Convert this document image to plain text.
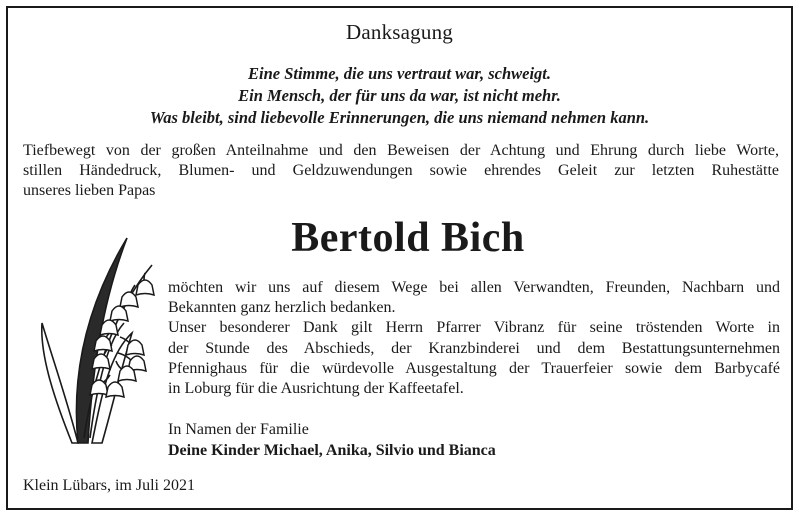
Danksagung
Eine Stimme, die uns vertraut war, schweigt.
Ein Mensch, der für uns da war, ist nicht mehr.
Was bleibt, sind liebevolle Erinnerungen, die uns niemand nehmen kann.
Tiefbewegt von der großen Anteilnahme und den Beweisen der Achtung und Ehrung durch liebe Worte,
stillen Händedruck, Blumen- und Geldzuwendungen sowie ehrendes Geleit zur letzten Ruhestätte
unseres lieben Papas
Bertold Bich
möchten wir uns auf diesem Wege bei allen Verwandten, Freunden, Nachbarn und
Bekannten ganz herzlich bedanken.
Unser besonderer Dank gilt Herrn Pfarrer Vibranz für seine tröstenden Worte in
der Stunde des Abschieds, der Kranzbinderei und dem Bestattungsunternehmen
Pfennighaus für die würdevolle Ausgestaltung der Trauerfeier sowie dem Barbycafé
in Loburg für die Ausrichtung der Kaffeetafel.
In Namen der Familie
Deine Kinder Michael, Anika, Silvio und Bianca
Klein Lübars, im Juli 2021
